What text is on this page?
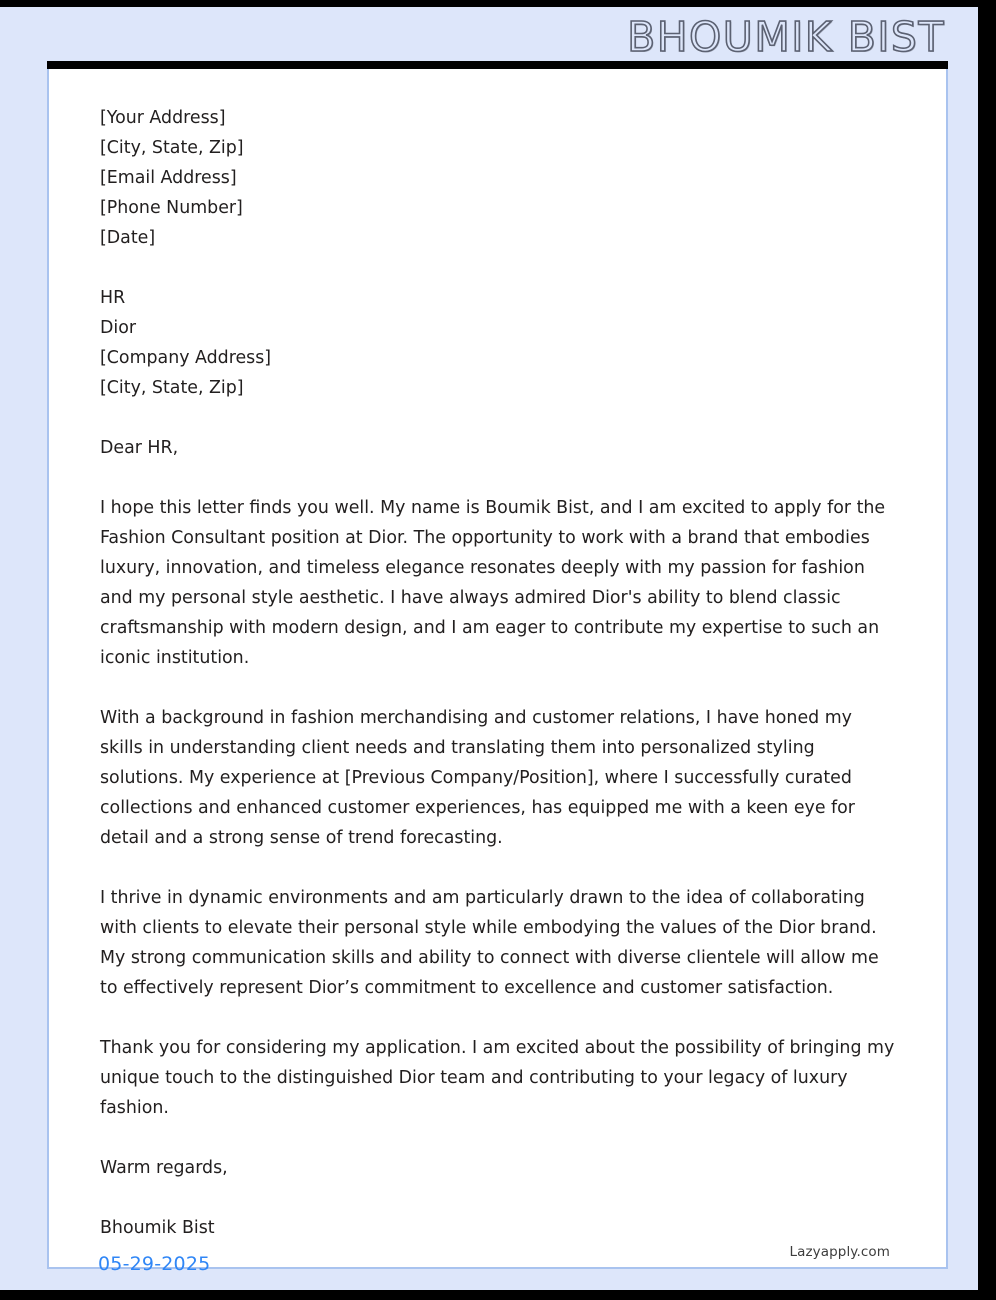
BHOUMIK BIST

[Your Address]

[City, State, Zip]

[Email Address]

[Phone Number]

[Date]

HR

Dior

[Company Address]

[City, State, Zip]

Dear HR,

I hope this letter finds you well. My name is Boumik Bist, and I am excited to apply for the Fashion Consultant position at Dior. The opportunity to work with a brand that embodies luxury, innovation, and timeless elegance resonates deeply with my passion for fashion and my personal style aesthetic. I have always admired Dior's ability to blend classic craftsmanship with modern design, and I am eager to contribute my expertise to such an iconic institution.

With a background in fashion merchandising and customer relations, I have honed my skills in understanding client needs and translating them into personalized styling solutions. My experience at [Previous Company/Position], where I successfully curated collections and enhanced customer experiences, has equipped me with a keen eye for detail and a strong sense of trend forecasting.

I thrive in dynamic environments and am particularly drawn to the idea of collaborating with clients to elevate their personal style while embodying the values of the Dior brand. My strong communication skills and ability to connect with diverse clientele will allow me to effectively represent Dior’s commitment to excellence and customer satisfaction.

Thank you for considering my application. I am excited about the possibility of bringing my unique touch to the distinguished Dior team and contributing to your legacy of luxury fashion.

Warm regards,

Bhoumik Bist

Lazyapply.com
05-29-2025
